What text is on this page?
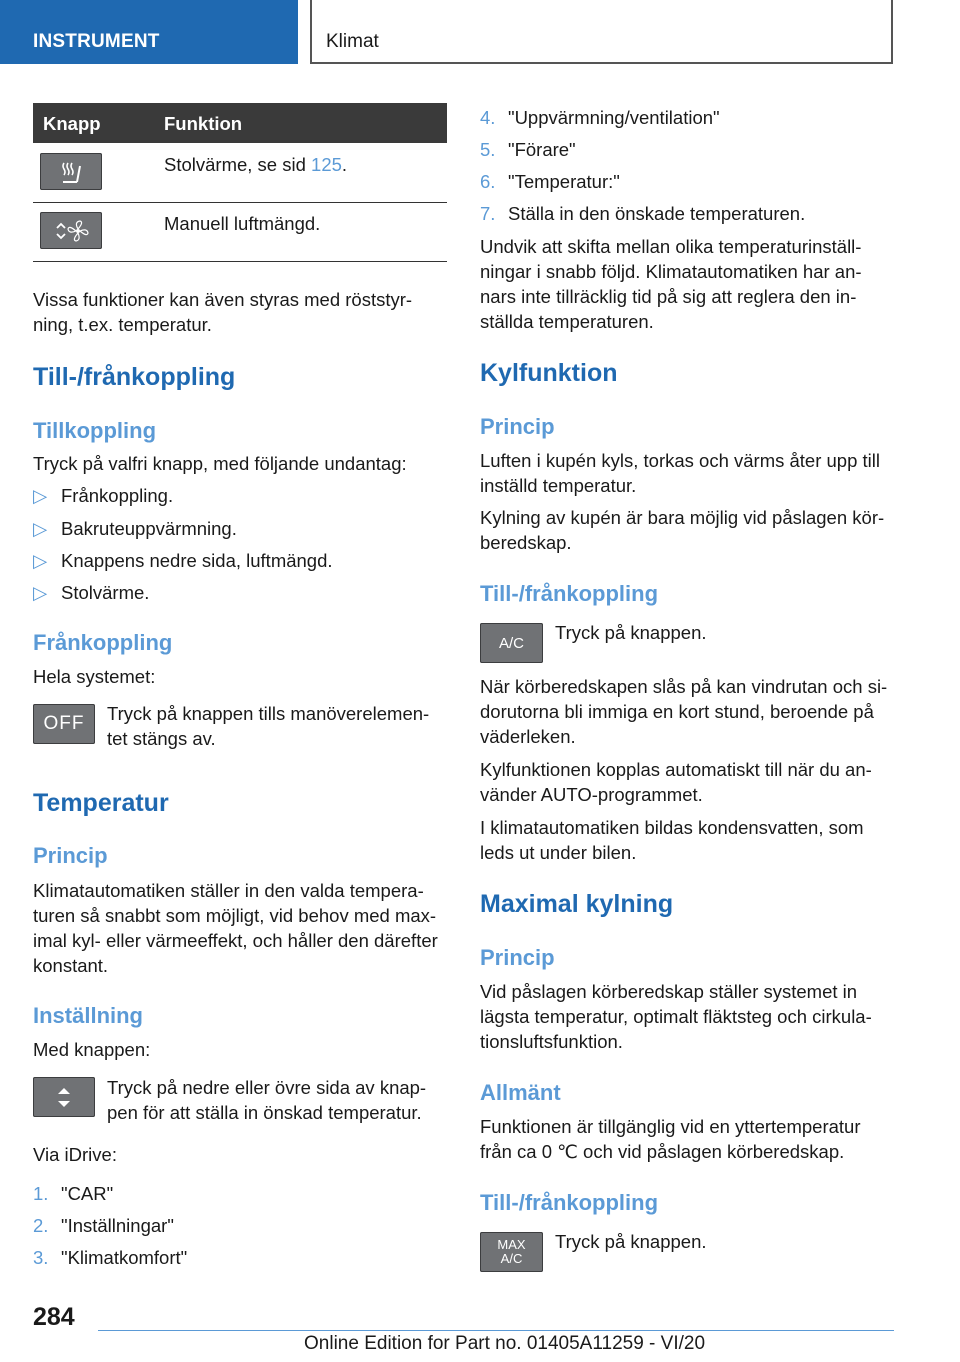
INSTRUMENT	Klimat
Knapp	Funktion

Stolvärme, se sid 125.

Manuell luftmängd.

Vissa funktioner kan även styras med röststyr‐

ning, t.ex. temperatur.

Till-/frånkoppling
Tillkoppling

Tryck på valfri knapp, med följande undantag:

▷ Frånkoppling.
▷ Bakruteuppvärmning.
▷ Knappens nedre sida, luftmängd.
▷ Stolvärme.
Frånkoppling

Hela systemet:

OFF	Tryck på knappen tills manöverelemen‐

tet stängs av.

Temperatur
Princip

Klimatautomatiken ställer in den valda tempera‐

turen så snabbt som möjligt, vid behov med max‐

imal kyl- eller värmeeffekt, och håller den därefter

konstant.

Inställning

Med knappen:

Tryck på nedre eller övre sida av knap‐

pen för att ställa in önskad temperatur.

Via iDrive:

1. "CAR"
2. "Inställningar"
3. "Klimatkomfort"
4. "Uppvärmning/ventilation"
5. "Förare"
6. "Temperatur:"
7. Ställa in den önskade temperaturen.

Undvik att skifta mellan olika temperaturinställ‐

ningar i snabb följd. Klimatautomatiken har an‐

nars inte tillräcklig tid på sig att reglera den in‐

ställda temperaturen.

Kylfunktion
Princip

Luften i kupén kyls, torkas och värms åter upp till

inställd temperatur.

Kylning av kupén är bara möjlig vid påslagen kör‐

beredskap.

Till-/frånkoppling
A/C	Tryck på knappen.

När körberedskapen slås på kan vindrutan och si‐

dorutorna bli immiga en kort stund, beroende på

väderleken.

Kylfunktionen kopplas automatiskt till när du an‐

vänder AUTO-programmet.

I klimatautomatiken bildas kondensvatten, som

leds ut under bilen.

Maximal kylning
Princip

Vid påslagen körberedskap ställer systemet in

lägsta temperatur, optimalt fläktsteg och cirkula‐

tionsluftsfunktion.

Allmänt

Funktionen är tillgänglig vid en yttertemperatur

från ca 0 ℃ och vid påslagen körberedskap.

Till-/frånkoppling
MAX
A/C

Tryck på knappen.

284
Online Edition for Part no. 01405A11259 - VI/20
